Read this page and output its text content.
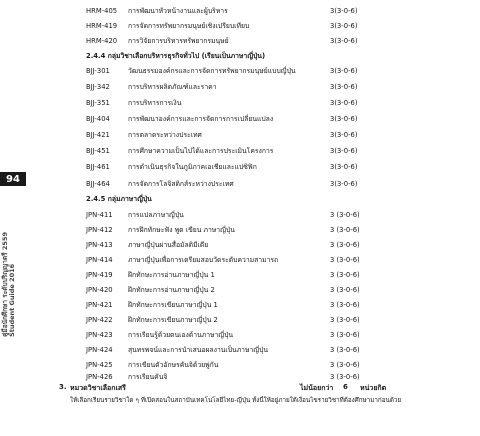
94
คู่มือนักศึกษา ระดับปริญญาตรี 2559
Student Guide 2016
HRM-405	การพัฒนาหัวหน้างานและผู้บริหาร	3(3-0-6)
HRM-419	การจัดการทรัพยากรมนุษย์เชิงเปรียบเทียบ	3(3-0-6)
HRM-420	การวิจัยการบริหารทรัพยากรมนุษย์	3(3-0-6)
2.4.4 กลุ่มวิชาเลือกบริหารธุรกิจทั่วไป (เรียนเป็นภาษาญี่ปุ่น)
BJJ-301	วัฒนธรรมองค์กรและการจัดการทรัพยากรมนุษย์แบบญี่ปุ่น	3(3-0-6)
BJJ-342	การบริหารผลิตภัณฑ์และราคา	3(3-0-6)
BJJ-351	การบริหารการเงิน	3(3-0-6)
BJJ-404	การพัฒนาองค์การและการจัดการการเปลี่ยนแปลง	3(3-0-6)
BJJ-421	การตลาดระหว่างประเทศ	3(3-0-6)
BJJ-451	การศึกษาความเป็นไปได้และการประเมินโครงการ	3(3-0-6)
BJJ-461	การดำเนินธุรกิจในภูมิภาคเอเชียและแปซิฟิก	3(3-0-6)
BJJ-464	การจัดการโลจิสติกส์ระหว่างประเทศ	3(3-0-6)
2.4.5 กลุ่มภาษาญี่ปุ่น
JPN-411	การแปลภาษาญี่ปุ่น	3 (3-0-6)
JPN-412	การฝึกทักษะฟัง พูด เขียน ภาษาญี่ปุ่น	3 (3-0-6)
JPN-413	ภาษาญี่ปุ่นผ่านสื่อมัลติมีเดีย	3 (3-0-6)
JPN-414	ภาษาญี่ปุ่นเพื่อการเตรียมสอบวัดระดับความสามารถ	3 (3-0-6)
JPN-419	ฝึกทักษะการอ่านภาษาญี่ปุ่น 1	3 (3-0-6)
JPN-420	ฝึกทักษะการอ่านภาษาญี่ปุ่น 2	3 (3-0-6)
JPN-421	ฝึกทักษะการเขียนภาษาญี่ปุ่น 1	3 (3-0-6)
JPN-422	ฝึกทักษะการเขียนภาษาญี่ปุ่น 2	3 (3-0-6)
JPN-423	การเรียนรู้ด้วยตนเองด้านภาษาญี่ปุ่น	3 (3-0-6)
JPN-424	สุนทรพจน์และการนำเสนอผลงานเป็นภาษาญี่ปุ่น	3 (3-0-6)
JPN-425	การเขียนตัวอักษรคันจิด้วยพู่กัน	3 (3-0-6)
JPN-426	การเรียนคันจิ	3 (3-0-6)
3. หมวดวิชาเลือกเสรี	ไม่น้อยกว่า 6 หน่วยกิต
ให้เลือกเรียนรายวิชาใด ๆ ที่เปิดสอนในสถาบันเทคโนโลยีไทย-ญี่ปุ่น ทั้งนี้ให้อยู่ภายใต้เงื่อนไขรายวิชาที่ต้องศึกษามาก่อนด้วย
